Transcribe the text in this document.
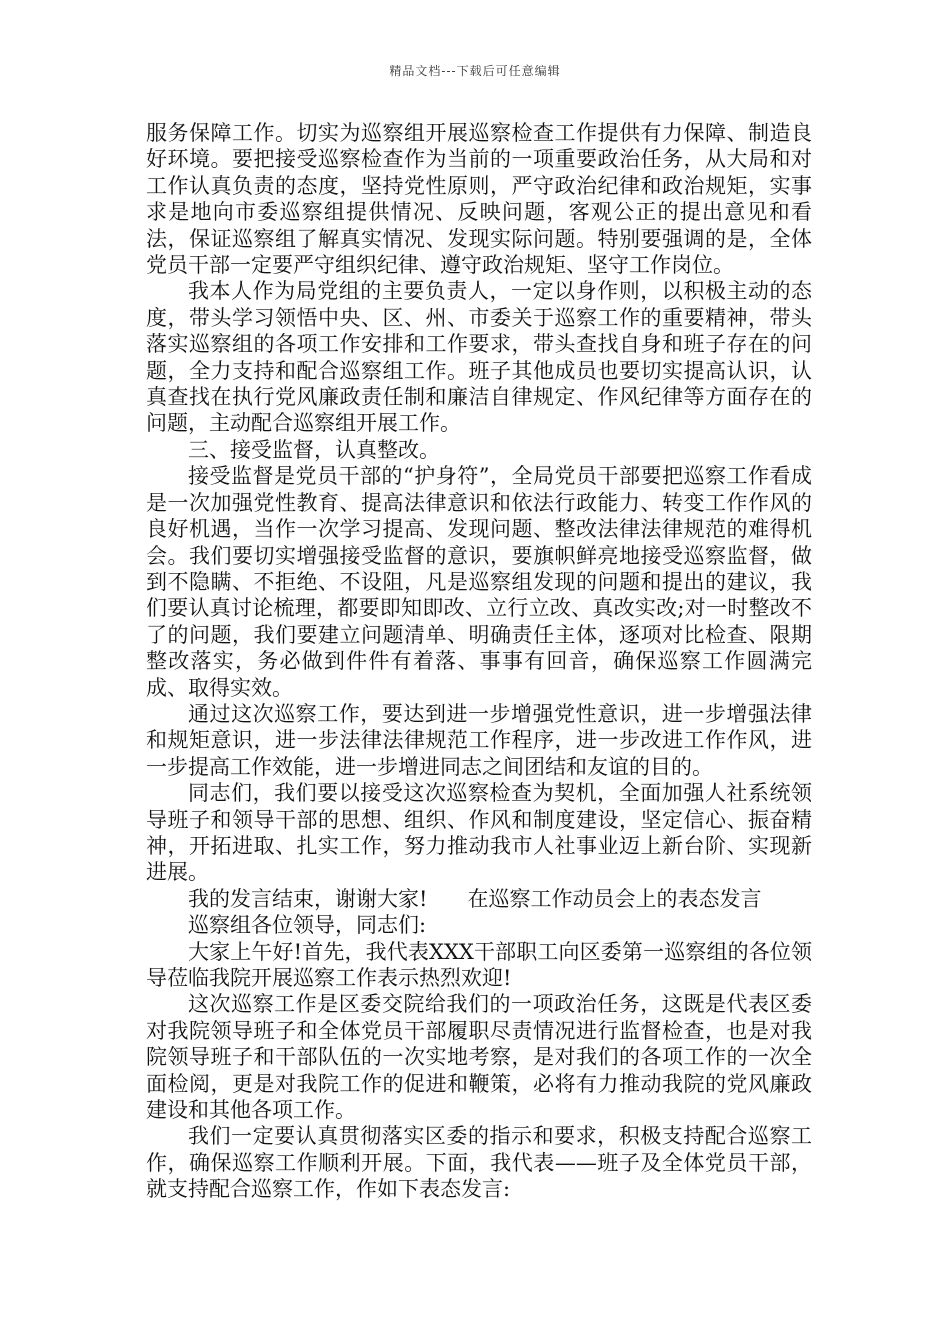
精品文档---下载后可任意编辑

服务保障工作。切实为巡察组开展巡察检查工作提供有力保障、制造良好环境。要把接受巡察检查作为当前的一项重要政治任务，从大局和对工作认真负责的态度，坚持党性原则，严守政治纪律和政治规矩，实事求是地向市委巡察组提供情况、反映问题，客观公正的提出意见和看法，保证巡察组了解真实情况、发现实际问题。特别要强调的是，全体党员干部一定要严守组织纪律、遵守政治规矩、坚守工作岗位。

我本人作为局党组的主要负责人，一定以身作则，以积极主动的态度，带头学习领悟中央、区、州、市委关于巡察工作的重要精神，带头落实巡察组的各项工作安排和工作要求，带头查找自身和班子存在的问题，全力支持和配合巡察组工作。班子其他成员也要切实提高认识，认真查找在执行党风廉政责任制和廉洁自律规定、作风纪律等方面存在的问题，主动配合巡察组开展工作。

三、接受监督，认真整改。

接受监督是党员干部的“护身符”，全局党员干部要把巡察工作看成是一次加强党性教育、提高法律意识和依法行政能力、转变工作作风的良好机遇，当作一次学习提高、发现问题、整改法律法律规范的难得机会。我们要切实增强接受监督的意识，要旗帜鲜亮地接受巡察监督，做到不隐瞒、不拒绝、不设阻，凡是巡察组发现的问题和提出的建议，我们要认真讨论梳理，都要即知即改、立行立改、真改实改;对一时整改不了的问题，我们要建立问题清单、明确责任主体，逐项对比检查、限期整改落实，务必做到件件有着落、事事有回音，确保巡察工作圆满完成、取得实效。

通过这次巡察工作，要达到进一步增强党性意识，进一步增强法律和规矩意识，进一步法律法律规范工作程序，进一步改进工作作风，进一步提高工作效能，进一步增进同志之间团结和友谊的目的。

同志们，我们要以接受这次巡察检查为契机，全面加强人社系统领导班子和领导干部的思想、组织、作风和制度建设，坚定信心、振奋精神，开拓进取、扎实工作，努力推动我市人社事业迈上新台阶、实现新进展。

我的发言结束，谢谢大家! 在巡察工作动员会上的表态发言

巡察组各位领导，同志们:

大家上午好!首先，我代表XXX干部职工向区委第一巡察组的各位领导莅临我院开展巡察工作表示热烈欢迎!

这次巡察工作是区委交院给我们的一项政治任务，这既是代表区委对我院领导班子和全体党员干部履职尽责情况进行监督检查，也是对我院领导班子和干部队伍的一次实地考察，是对我们的各项工作的一次全面检阅，更是对我院工作的促进和鞭策，必将有力推动我院的党风廉政建设和其他各项工作。

我们一定要认真贯彻落实区委的指示和要求，积极支持配合巡察工作，确保巡察工作顺利开展。下面，我代表——班子及全体党员干部，就支持配合巡察工作，作如下表态发言:
